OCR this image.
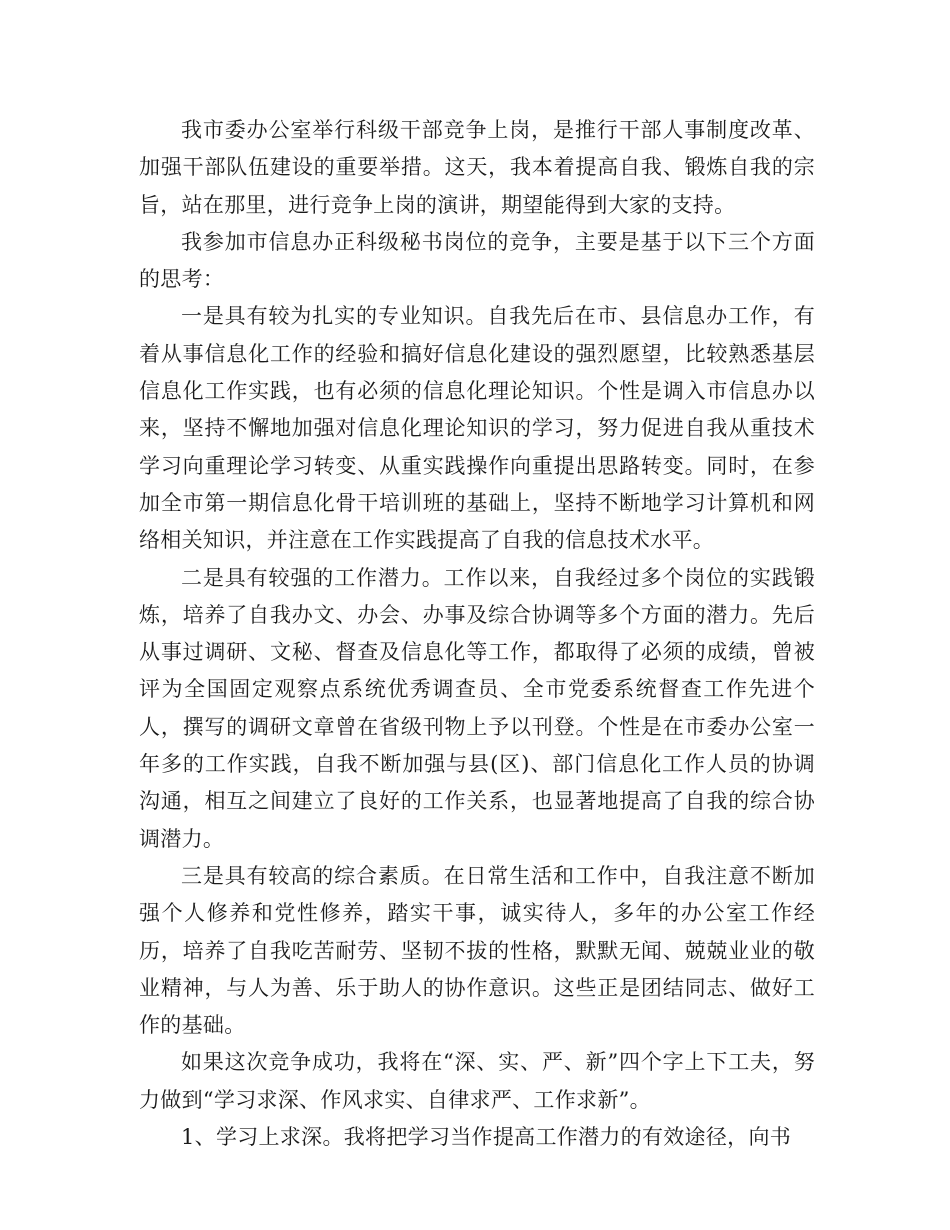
我市委办公室举行科级干部竞争上岗，是推行干部人事制度改革、加强干部队伍建设的重要举措。这天，我本着提高自我、锻炼自我的宗旨，站在那里，进行竞争上岗的演讲，期望能得到大家的支持。

我参加市信息办正科级秘书岗位的竞争，主要是基于以下三个方面的思考：

一是具有较为扎实的专业知识。自我先后在市、县信息办工作，有着从事信息化工作的经验和搞好信息化建设的强烈愿望，比较熟悉基层信息化工作实践，也有必须的信息化理论知识。个性是调入市信息办以来，坚持不懈地加强对信息化理论知识的学习，努力促进自我从重技术学习向重理论学习转变、从重实践操作向重提出思路转变。同时，在参加全市第一期信息化骨干培训班的基础上，坚持不断地学习计算机和网络相关知识，并注意在工作实践提高了自我的信息技术水平。

二是具有较强的工作潜力。工作以来，自我经过多个岗位的实践锻炼，培养了自我办文、办会、办事及综合协调等多个方面的潜力。先后从事过调研、文秘、督查及信息化等工作，都取得了必须的成绩，曾被评为全国固定观察点系统优秀调查员、全市党委系统督查工作先进个人，撰写的调研文章曾在省级刊物上予以刊登。个性是在市委办公室一年多的工作实践，自我不断加强与县(区)、部门信息化工作人员的协调沟通，相互之间建立了良好的工作关系，也显著地提高了自我的综合协调潜力。

三是具有较高的综合素质。在日常生活和工作中，自我注意不断加强个人修养和党性修养，踏实干事，诚实待人，多年的办公室工作经历，培养了自我吃苦耐劳、坚韧不拔的性格，默默无闻、兢兢业业的敬业精神，与人为善、乐于助人的协作意识。这些正是团结同志、做好工作的基础。

如果这次竞争成功，我将在“深、实、严、新”四个字上下工夫，努力做到“学习求深、作风求实、自律求严、工作求新”。

1、学习上求深。我将把学习当作提高工作潜力的有效途径，向书
